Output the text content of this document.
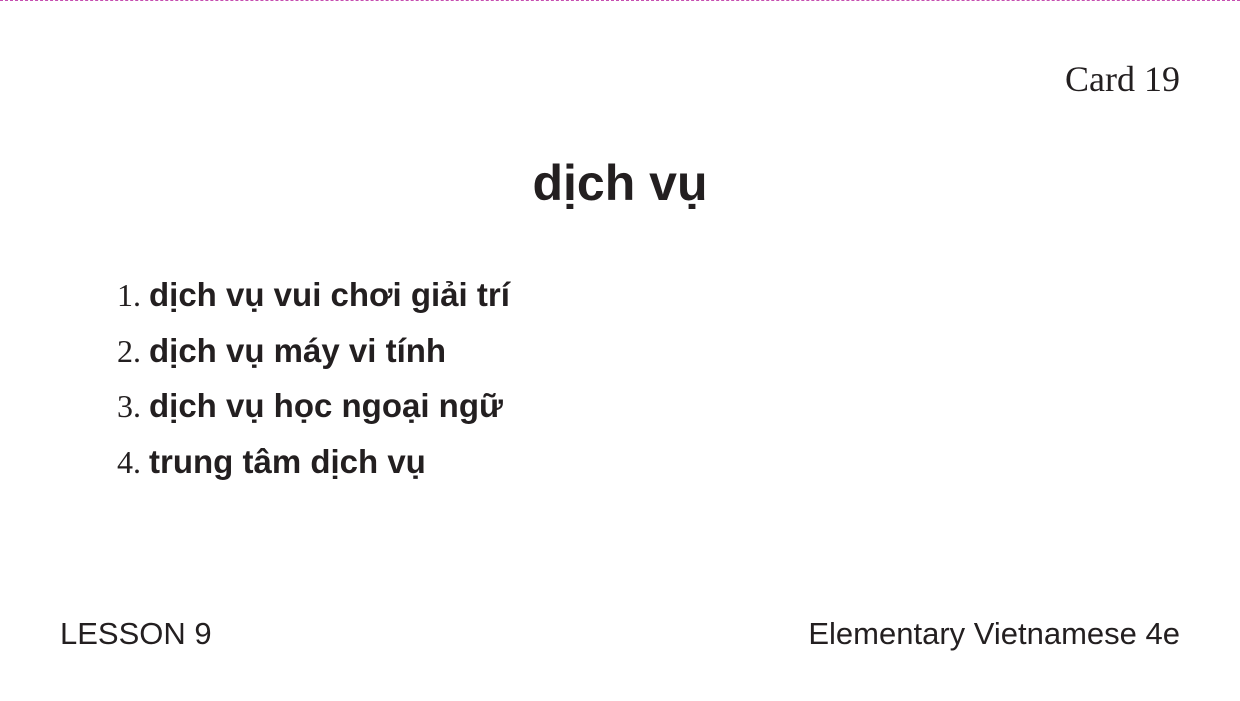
Card 19
dịch vụ
1. dịch vụ vui chơi giải trí
2. dịch vụ máy vi tính
3. dịch vụ học ngoại ngữ
4. trung tâm dịch vụ
LESSON 9	Elementary Vietnamese 4e
